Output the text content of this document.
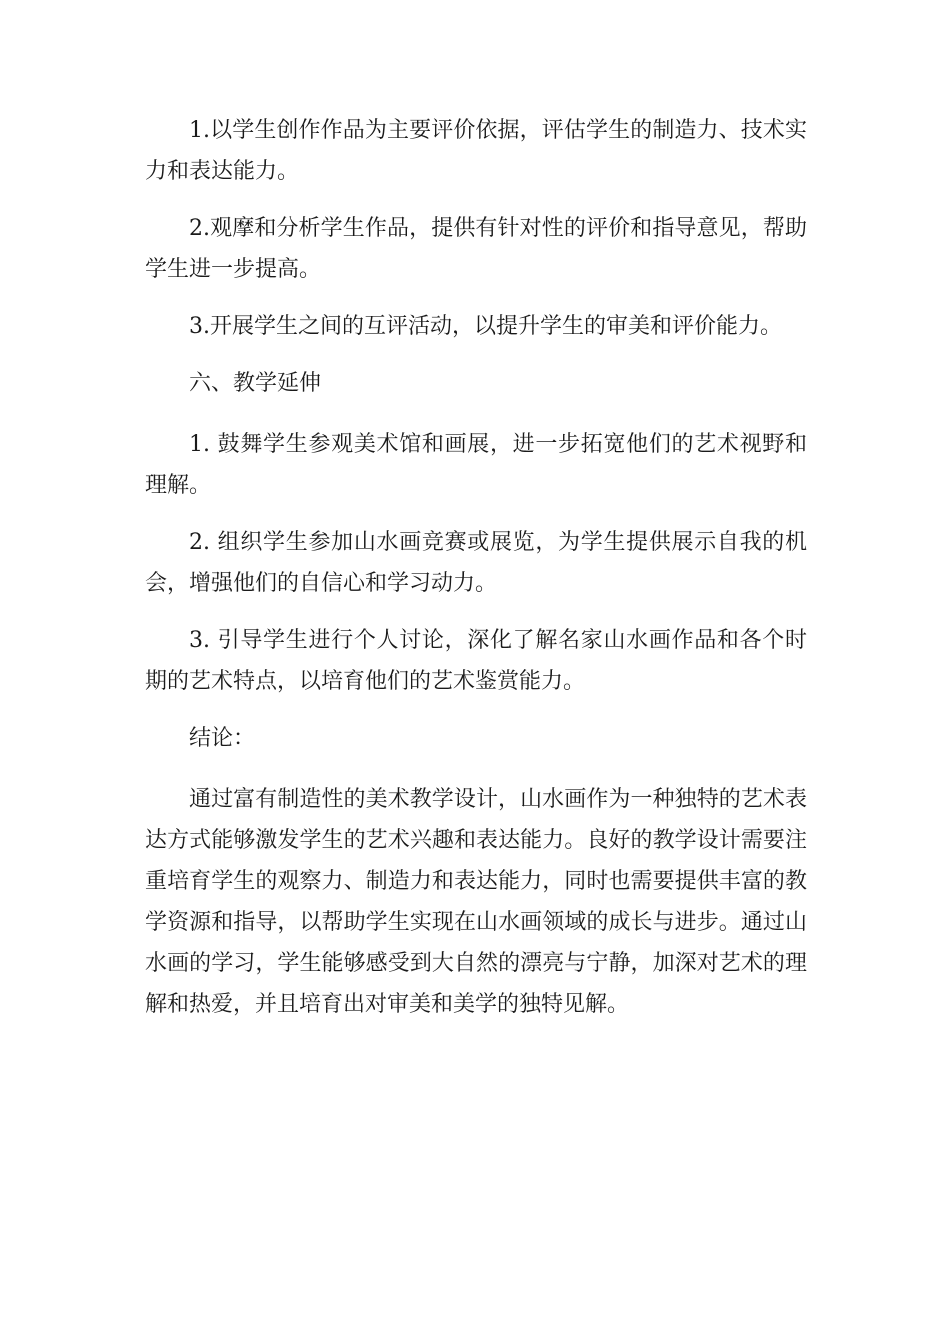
1.以学生创作作品为主要评价依据，评估学生的制造力、技术实力和表达能力。

2.观摩和分析学生作品，提供有针对性的评价和指导意见，帮助学生进一步提高。

3.开展学生之间的互评活动，以提升学生的审美和评价能力。

六、教学延伸

1. 鼓舞学生参观美术馆和画展，进一步拓宽他们的艺术视野和理解。

2. 组织学生参加山水画竞赛或展览，为学生提供展示自我的机会，增强他们的自信心和学习动力。

3. 引导学生进行个人讨论，深化了解名家山水画作品和各个时期的艺术特点，以培育他们的艺术鉴赏能力。

结论：

通过富有制造性的美术教学设计，山水画作为一种独特的艺术表达方式能够激发学生的艺术兴趣和表达能力。良好的教学设计需要注重培育学生的观察力、制造力和表达能力，同时也需要提供丰富的教学资源和指导，以帮助学生实现在山水画领域的成长与进步。通过山水画的学习，学生能够感受到大自然的漂亮与宁静，加深对艺术的理解和热爱，并且培育出对审美和美学的独特见解。
